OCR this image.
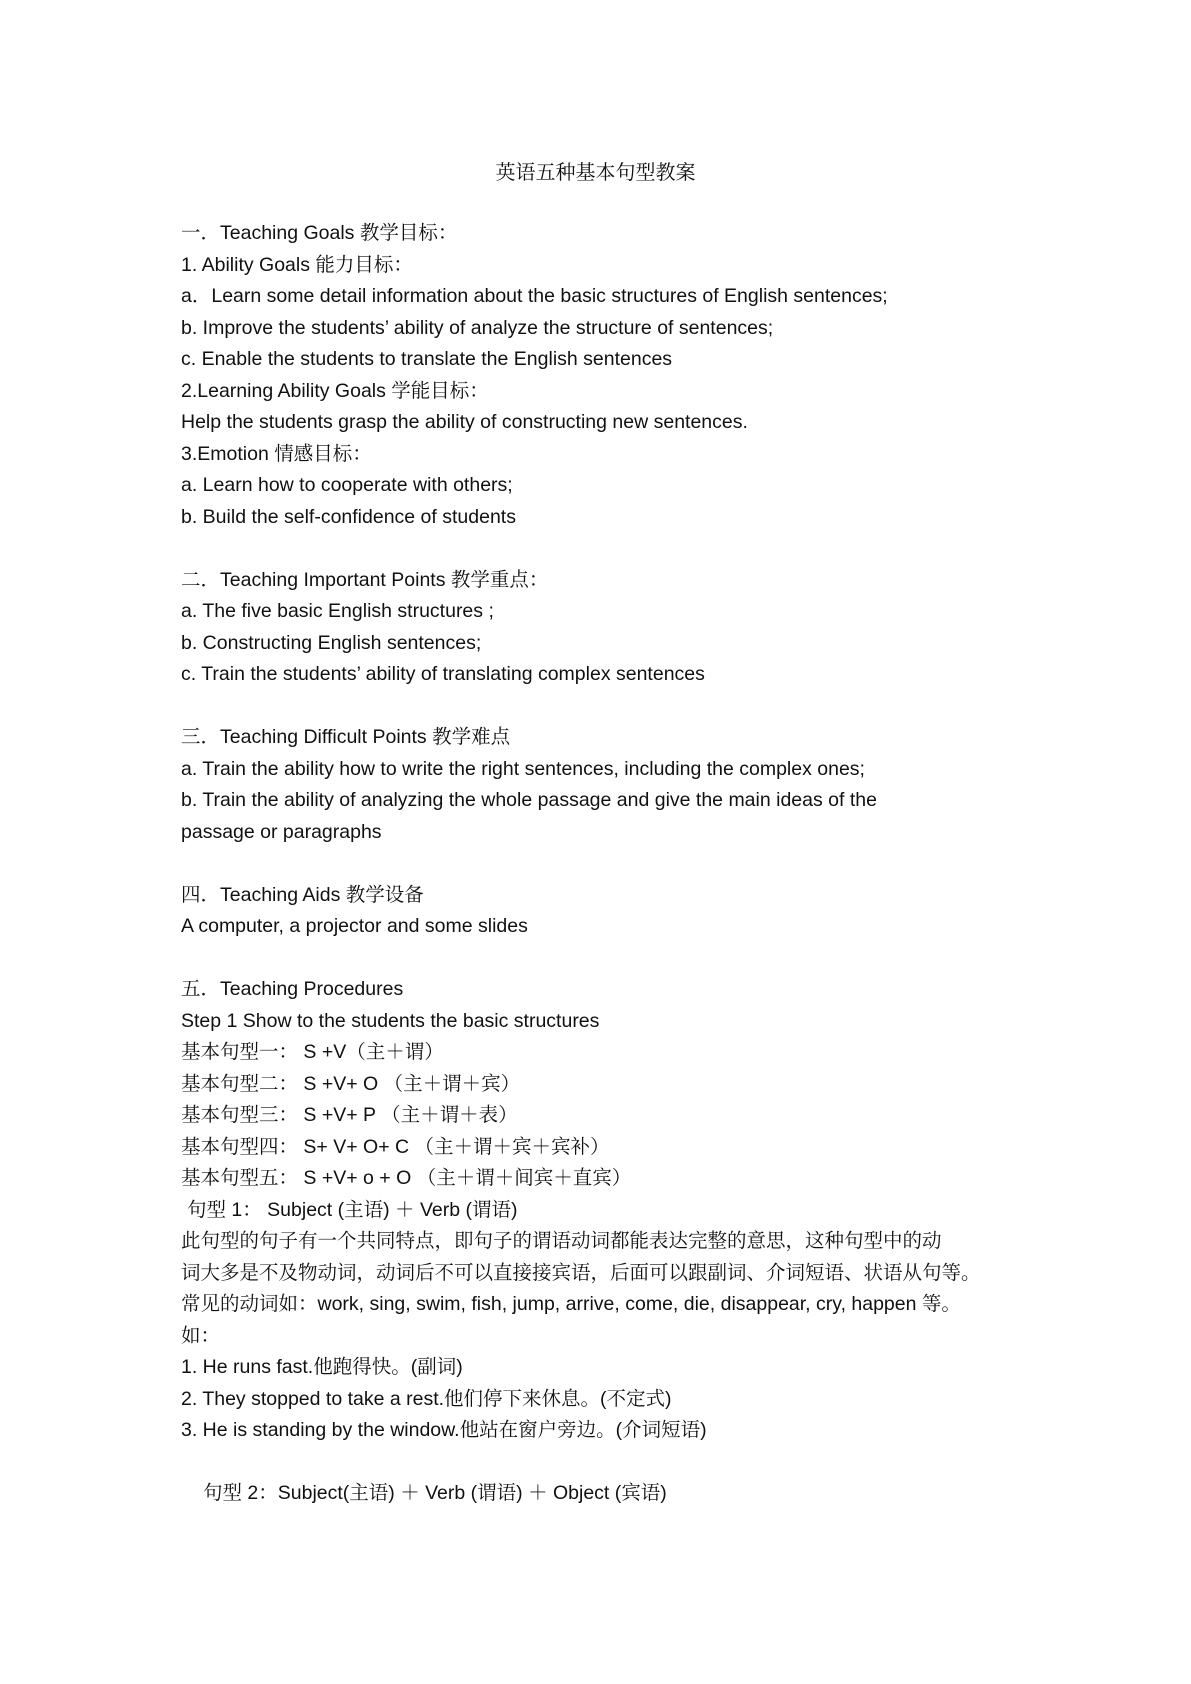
英语五种基本句型教案
一．Teaching Goals 教学目标：
1. Ability Goals 能力目标：
a．Learn some detail information about the basic structures of English sentences;
b. Improve the students’ ability of analyze the structure of sentences;
c. Enable the students to translate the English sentences
2.Learning Ability Goals 学能目标：
Help the students grasp the ability of constructing new sentences.
3.Emotion 情感目标：
a. Learn how to cooperate with others;
b. Build the self-confidence of students
二．Teaching Important Points 教学重点：
a. The five basic English structures ;
b. Constructing English sentences;
c. Train the students’ ability of translating complex sentences
三．Teaching Difficult Points 教学难点
a. Train the ability how to write the right sentences, including the complex ones;
b. Train the ability of analyzing the whole passage and give the main ideas of the
passage or paragraphs
四．Teaching Aids 教学设备
A computer, a projector and some slides
五．Teaching Procedures
Step 1 Show to the students the basic structures
基本句型一： S +V（主＋谓）
基本句型二： S +V+ O （主＋谓＋宾）
基本句型三： S +V+ P （主＋谓＋表）
基本句型四： S+ V+ O+ C （主＋谓＋宾＋宾补）
基本句型五： S +V+ o + O （主＋谓＋间宾＋直宾）
句型 1： Subject (主语) ＋ Verb (谓语)
此句型的句子有一个共同特点，即句子的谓语动词都能表达完整的意思，这种句型中的动
词大多是不及物动词，动词后不可以直接接宾语，后面可以跟副词、介词短语、状语从句等。
常见的动词如：work, sing, swim, fish, jump, arrive, come, die, disappear, cry, happen 等。
如：
1. He runs fast.他跑得快。(副词)
2. They stopped to take a rest.他们停下来休息。(不定式)
3. He is standing by the window.他站在窗户旁边。(介词短语)
句型 2：Subject(主语) ＋ Verb (谓语) ＋ Object (宾语)
